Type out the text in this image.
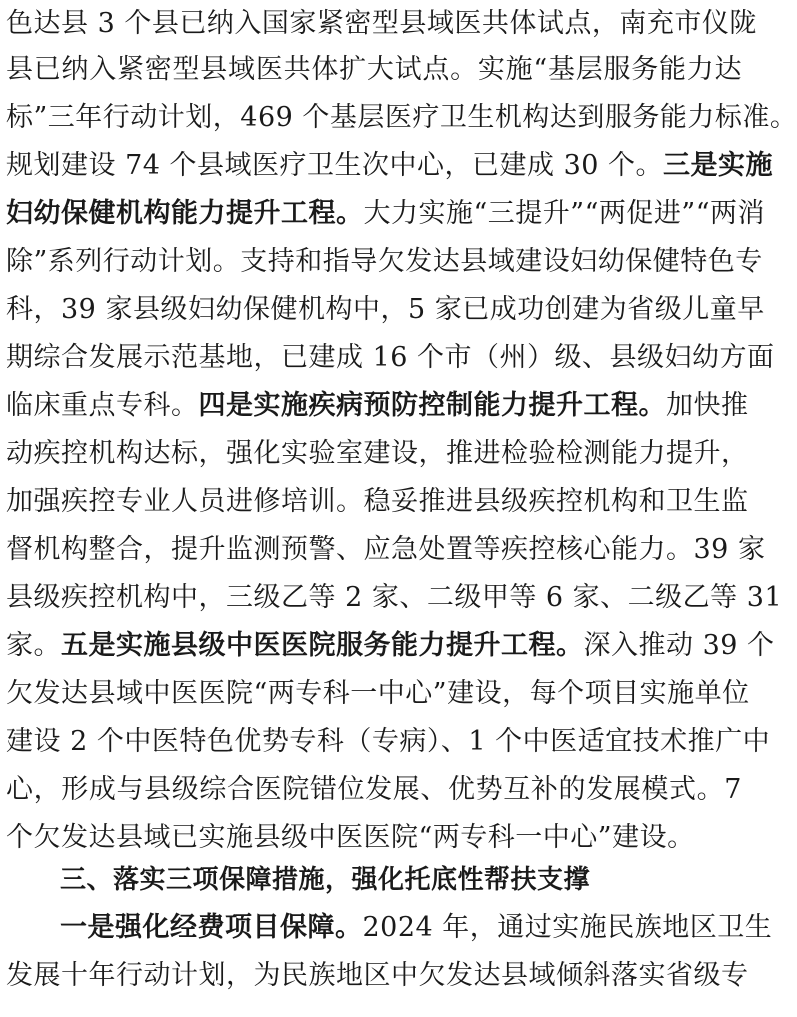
色达县 3 个县已纳入国家紧密型县域医共体试点，南充市仪陇
县已纳入紧密型县域医共体扩大试点。实施“基层服务能力达
标”三年行动计划，469 个基层医疗卫生机构达到服务能力标准。
规划建设 74 个县域医疗卫生次中心，已建成 30 个。三是实施
妇幼保健机构能力提升工程。大力实施“三提升”“两促进”“两消
除”系列行动计划。支持和指导欠发达县域建设妇幼保健特色专
科，39 家县级妇幼保健机构中，5 家已成功创建为省级儿童早
期综合发展示范基地，已建成 16 个市（州）级、县级妇幼方面
临床重点专科。四是实施疾病预防控制能力提升工程。加快推
动疾控机构达标，强化实验室建设，推进检验检测能力提升，
加强疾控专业人员进修培训。稳妥推进县级疾控机构和卫生监
督机构整合，提升监测预警、应急处置等疾控核心能力。39 家
县级疾控机构中，三级乙等 2 家、二级甲等 6 家、二级乙等 31
家。五是实施县级中医医院服务能力提升工程。深入推动 39 个
欠发达县域中医医院“两专科一中心”建设，每个项目实施单位
建设 2 个中医特色优势专科（专病）、1 个中医适宜技术推广中
心，形成与县级综合医院错位发展、优势互补的发展模式。7
个欠发达县域已实施县级中医医院“两专科一中心”建设。
三、落实三项保障措施，强化托底性帮扶支撑
一是强化经费项目保障。2024 年，通过实施民族地区卫生
发展十年行动计划，为民族地区中欠发达县域倾斜落实省级专
